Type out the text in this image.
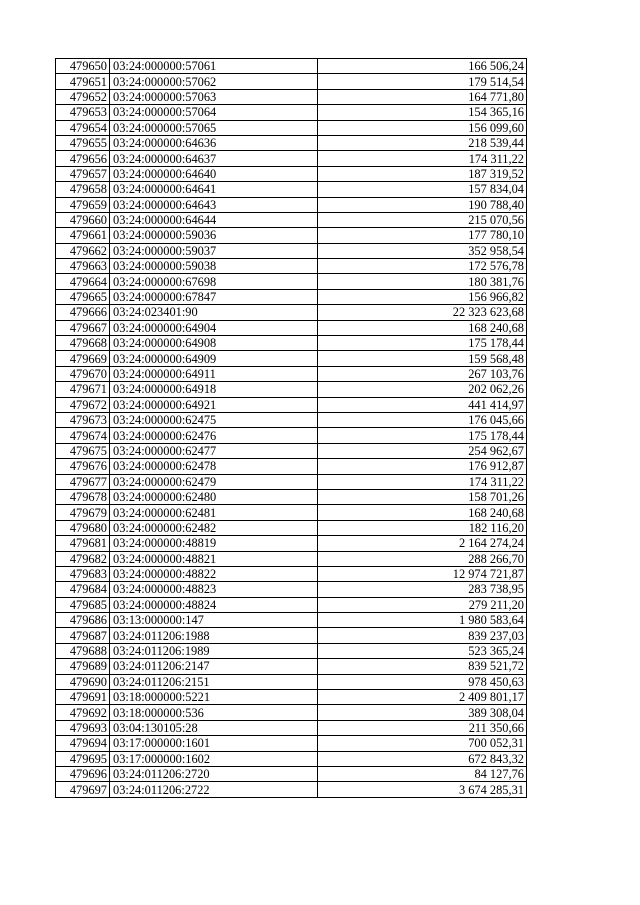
479650	03:24:000000:57061	166 506,24
479651	03:24:000000:57062	179 514,54
479652	03:24:000000:57063	164 771,80
479653	03:24:000000:57064	154 365,16
479654	03:24:000000:57065	156 099,60
479655	03:24:000000:64636	218 539,44
479656	03:24:000000:64637	174 311,22
479657	03:24:000000:64640	187 319,52
479658	03:24:000000:64641	157 834,04
479659	03:24:000000:64643	190 788,40
479660	03:24:000000:64644	215 070,56
479661	03:24:000000:59036	177 780,10
479662	03:24:000000:59037	352 958,54
479663	03:24:000000:59038	172 576,78
479664	03:24:000000:67698	180 381,76
479665	03:24:000000:67847	156 966,82
479666	03:24:023401:90	22 323 623,68
479667	03:24:000000:64904	168 240,68
479668	03:24:000000:64908	175 178,44
479669	03:24:000000:64909	159 568,48
479670	03:24:000000:64911	267 103,76
479671	03:24:000000:64918	202 062,26
479672	03:24:000000:64921	441 414,97
479673	03:24:000000:62475	176 045,66
479674	03:24:000000:62476	175 178,44
479675	03:24:000000:62477	254 962,67
479676	03:24:000000:62478	176 912,87
479677	03:24:000000:62479	174 311,22
479678	03:24:000000:62480	158 701,26
479679	03:24:000000:62481	168 240,68
479680	03:24:000000:62482	182 116,20
479681	03:24:000000:48819	2 164 274,24
479682	03:24:000000:48821	288 266,70
479683	03:24:000000:48822	12 974 721,87
479684	03:24:000000:48823	283 738,95
479685	03:24:000000:48824	279 211,20
479686	03:13:000000:147	1 980 583,64
479687	03:24:011206:1988	839 237,03
479688	03:24:011206:1989	523 365,24
479689	03:24:011206:2147	839 521,72
479690	03:24:011206:2151	978 450,63
479691	03:18:000000:5221	2 409 801,17
479692	03:18:000000:536	389 308,04
479693	03:04:130105:28	211 350,66
479694	03:17:000000:1601	700 052,31
479695	03:17:000000:1602	672 843,32
479696	03:24:011206:2720	84 127,76
479697	03:24:011206:2722	3 674 285,31
